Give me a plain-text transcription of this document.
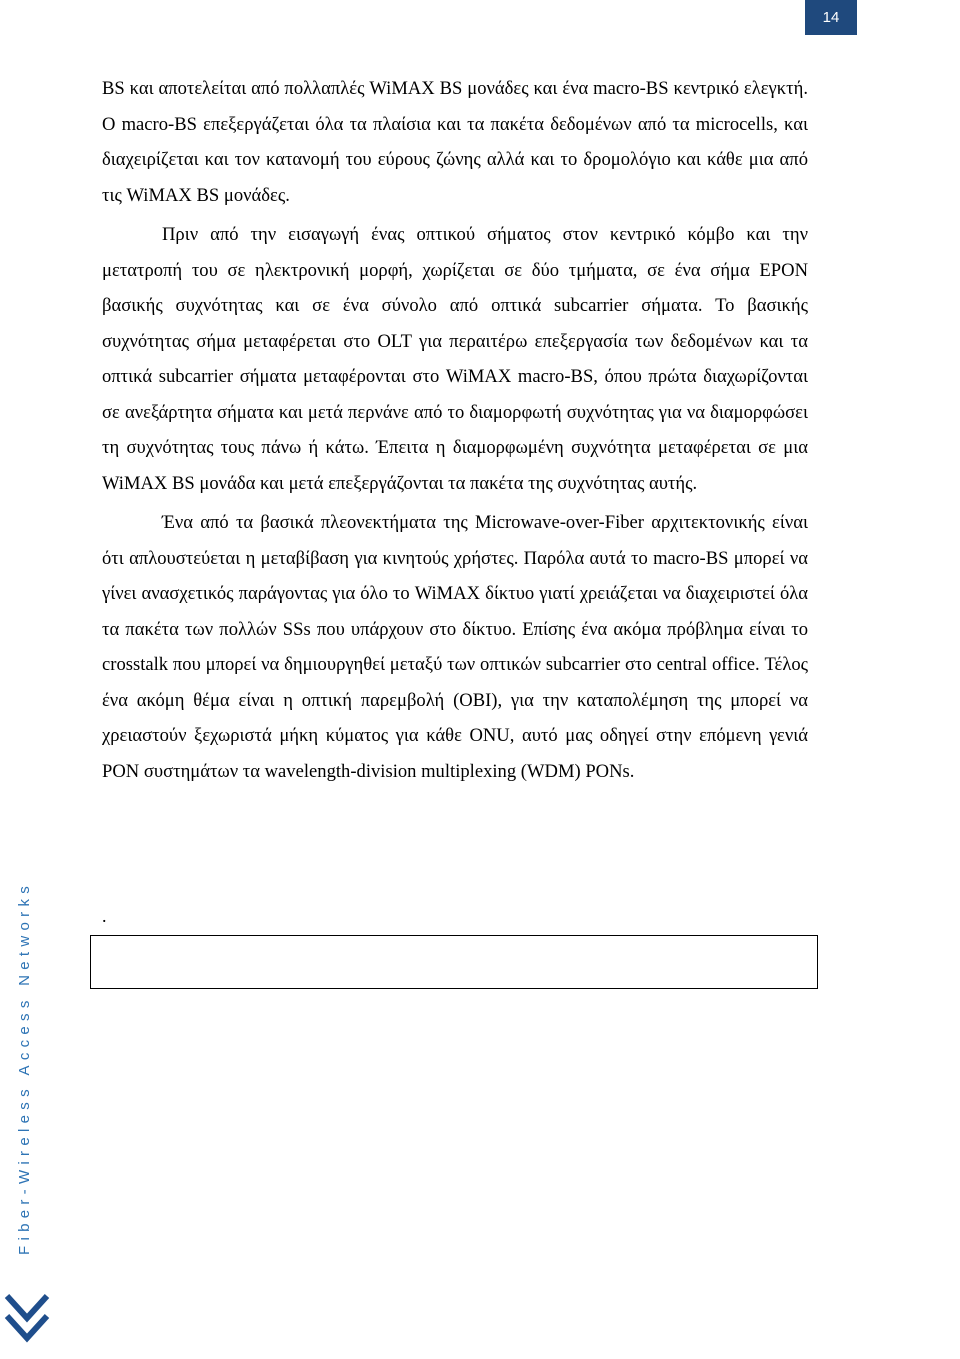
14

BS και αποτελείται από πολλαπλές WiMAX BS μονάδες και ένα macro-BS κεντρικό ελεγκτή. Ο macro-BS επεξεργάζεται όλα τα πλαίσια και τα πακέτα δεδομένων από τα microcells, και διαχειρίζεται και τον κατανομή του εύρους ζώνης αλλά και το δρομολόγιο και κάθε μια από τις WiMAX BS μονάδες.

Πριν από την εισαγωγή ένας οπτικού σήματος στον κεντρικό κόμβο και την μετατροπή του σε ηλεκτρονική μορφή, χωρίζεται σε δύο τμήματα, σε ένα σήμα EPON βασικής συχνότητας και σε ένα σύνολο από οπτικά subcarrier σήματα. Το βασικής συχνότητας σήμα μεταφέρεται στο OLT για περαιτέρω επεξεργασία των δεδομένων και τα οπτικά subcarrier σήματα μεταφέρονται στο WiMAX macro-BS, όπου πρώτα διαχωρίζονται σε ανεξάρτητα σήματα και μετά περνάνε από το διαμορφωτή συχνότητας για να διαμορφώσει τη συχνότητας τους πάνω ή κάτω. Έπειτα η διαμορφωμένη συχνότητα μεταφέρεται σε μια WiMAX BS μονάδα και μετά επεξεργάζονται τα πακέτα της συχνότητας αυτής.

Ένα από τα βασικά πλεονεκτήματα της Microwave-over-Fiber αρχιτεκτονικής είναι ότι απλουστεύεται η μεταβίβαση για κινητούς χρήστες. Παρόλα αυτά το macro-BS μπορεί να γίνει ανασχετικός παράγοντας για όλο το WiMAX δίκτυο γιατί χρειάζεται να διαχειριστεί όλα τα πακέτα των πολλών SSs που υπάρχουν στο δίκτυο. Επίσης ένα ακόμα πρόβλημα είναι το crosstalk που μπορεί να δημιουργηθεί μεταξύ των οπτικών subcarrier στο central office. Τέλος ένα ακόμη θέμα είναι η οπτική παρεμβολή (OBI), για την καταπολέμηση της μπορεί να χρειαστούν ξεχωριστά μήκη κύματος για κάθε ONU, αυτό μας οδηγεί στην επόμενη γενιά PON συστημάτων τα wavelength-division multiplexing (WDM) PONs.

.
Fiber-Wireless Access Networks
